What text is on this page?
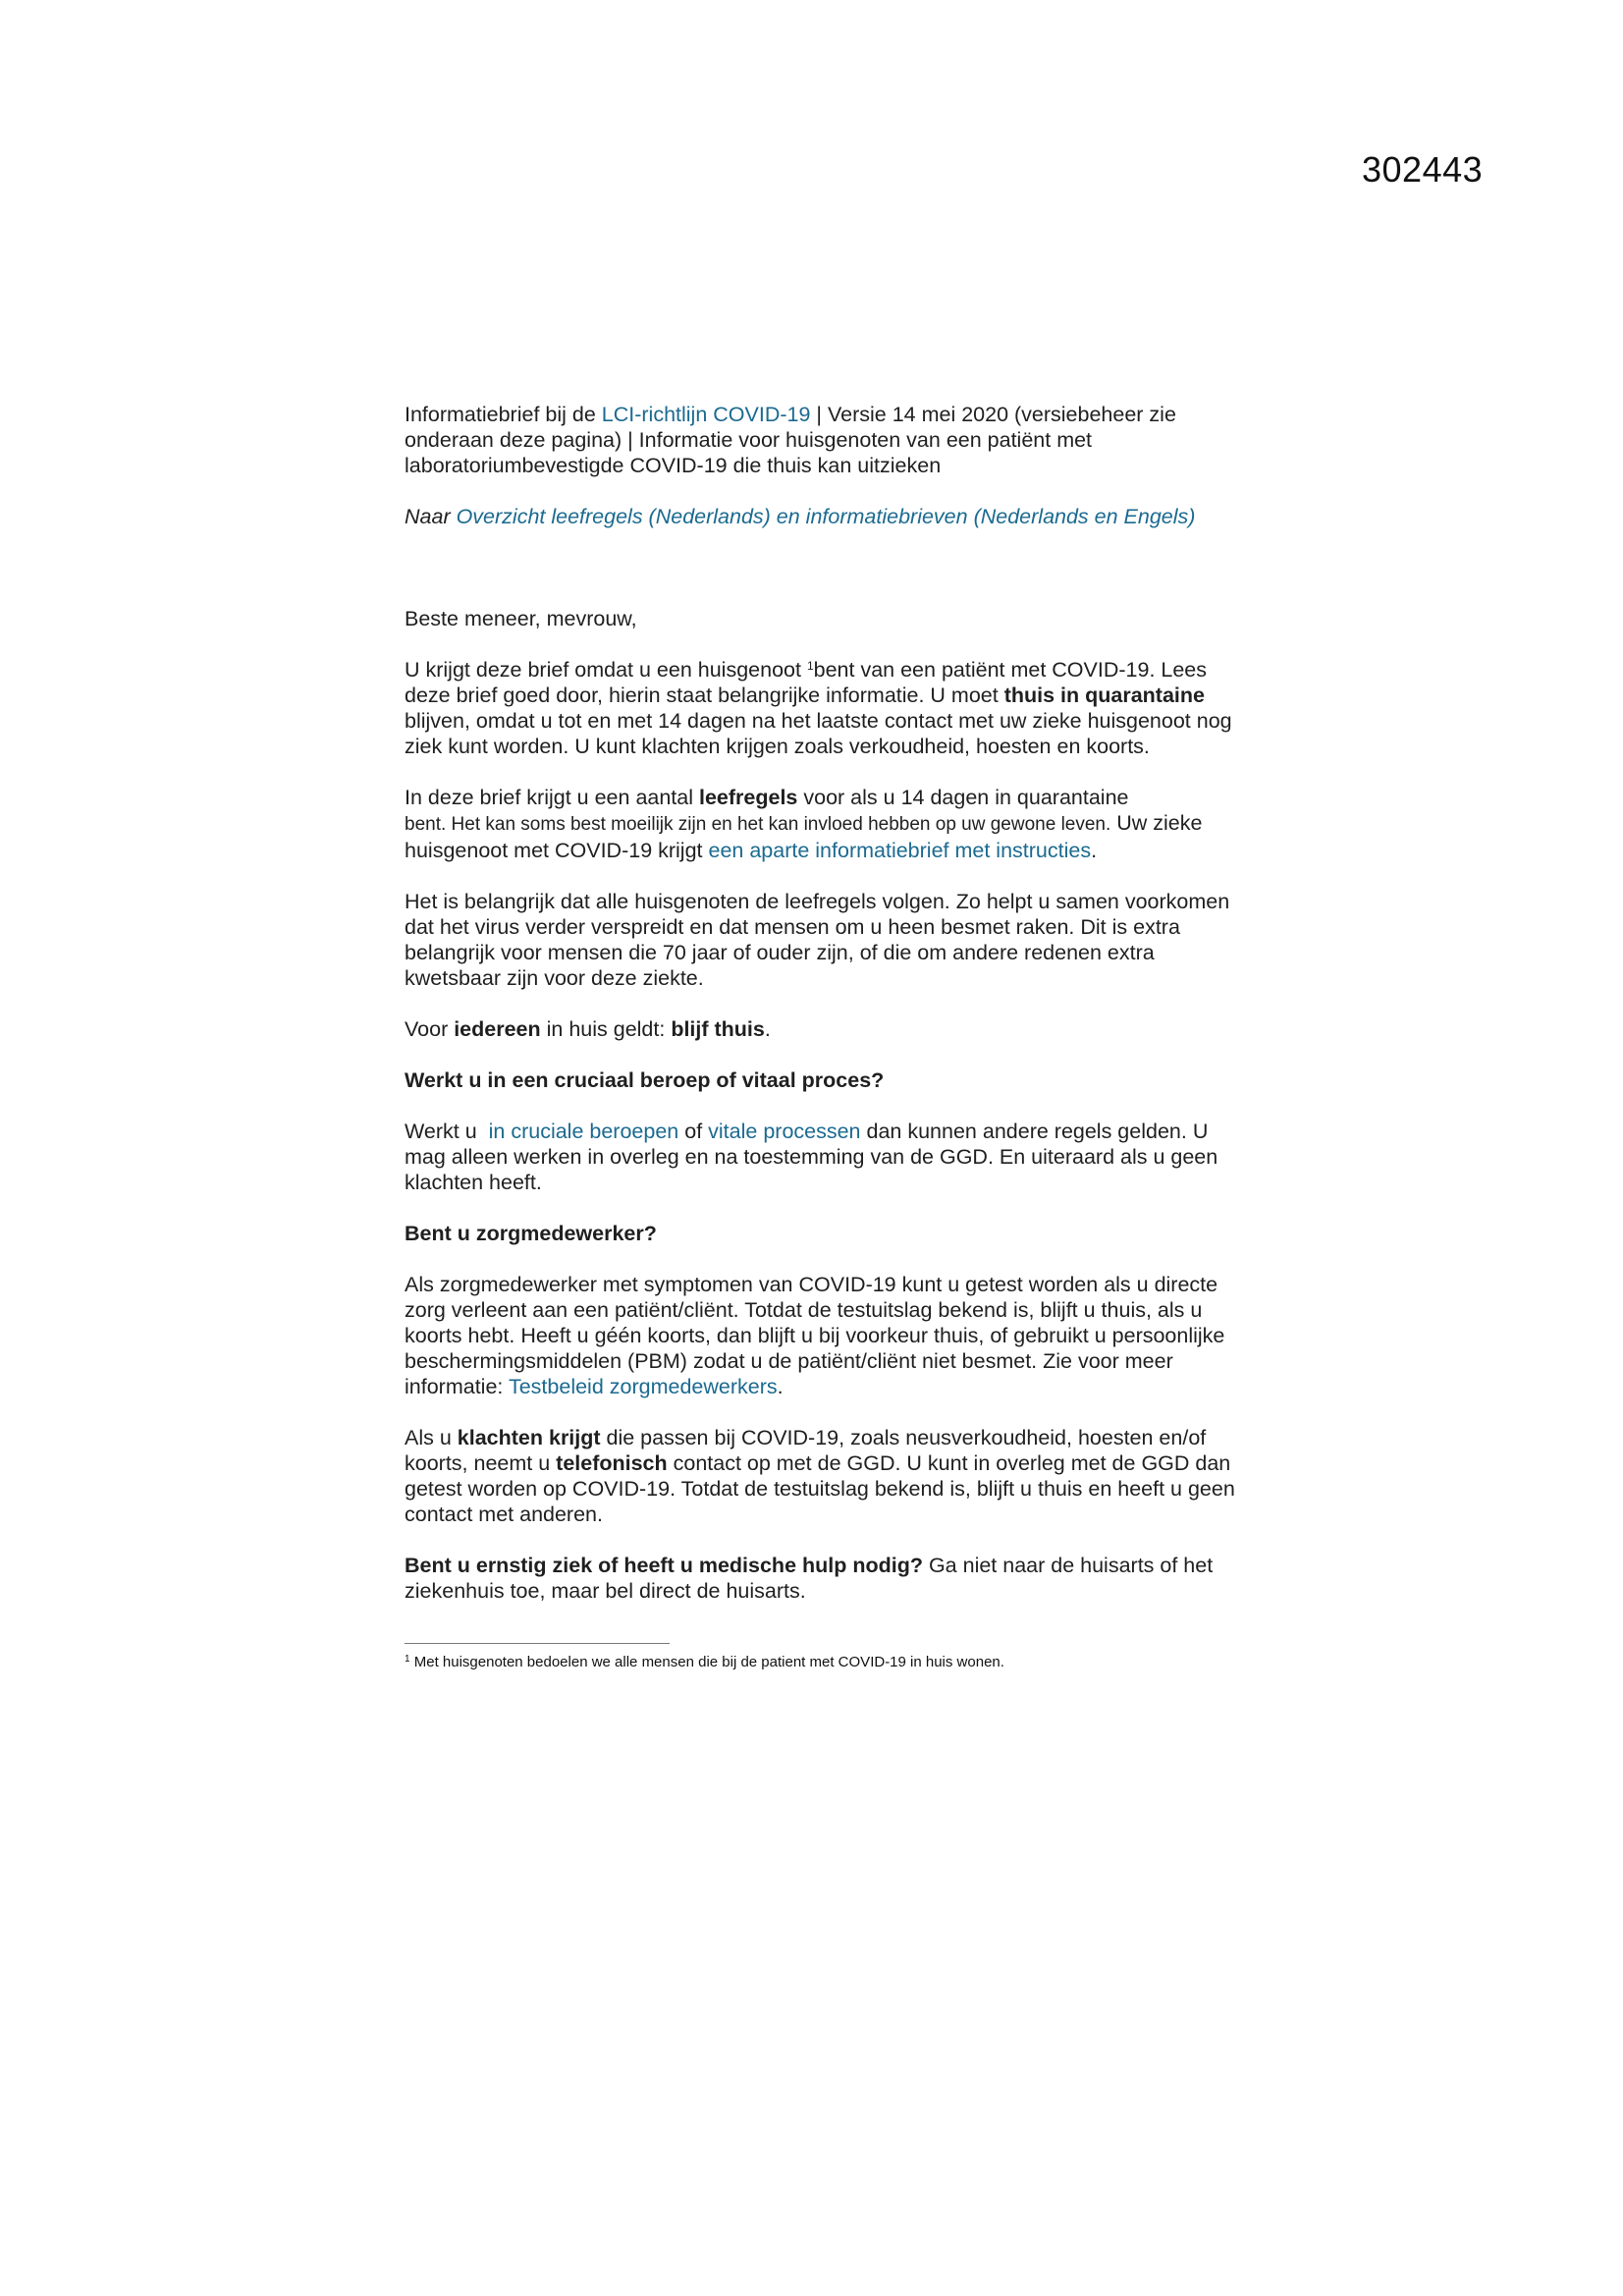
302443

Informatiebrief bij de LCI-richtlijn COVID-19 | Versie 14 mei 2020 (versiebeheer zie onderaan deze pagina) | Informatie voor huisgenoten van een patiënt met laboratoriumbevestigde COVID-19 die thuis kan uitzieken

Naar Overzicht leefregels (Nederlands) en informatiebrieven (Nederlands en Engels)

Beste meneer, mevrouw,

U krijgt deze brief omdat u een huisgenoot $^1$bent van een patiënt met COVID-19. Lees deze brief goed door, hierin staat belangrijke informatie. U moet thuis in quarantaine blijven, omdat u tot en met 14 dagen na het laatste contact met uw zieke huisgenoot nog ziek kunt worden. U kunt klachten krijgen zoals verkoudheid, hoesten en koorts.

In deze brief krijgt u een aantal leefregels voor als u 14 dagen in quarantaine
bent. Het kan soms best moeilijk zijn en het kan invloed hebben op uw gewone leven. Uw zieke huisgenoot met COVID-19 krijgt een aparte informatiebrief met instructies.

Het is belangrijk dat alle huisgenoten de leefregels volgen. Zo helpt u samen voorkomen dat het virus verder verspreidt en dat mensen om u heen besmet raken. Dit is extra belangrijk voor mensen die 70 jaar of ouder zijn, of die om andere redenen extra kwetsbaar zijn voor deze ziekte.

Voor iedereen in huis geldt: blijf thuis.

Werkt u in een cruciaal beroep of vitaal proces?

Werkt u  in cruciale beroepen of vitale processen dan kunnen andere regels gelden. U mag alleen werken in overleg en na toestemming van de GGD. En uiteraard als u geen klachten heeft.

Bent u zorgmedewerker?

Als zorgmedewerker met symptomen van COVID-19 kunt u getest worden als u directe zorg verleent aan een patiënt/cliënt. Totdat de testuitslag bekend is, blijft u thuis, als u koorts hebt. Heeft u géén koorts, dan blijft u bij voorkeur thuis, of gebruikt u persoonlijke beschermingsmiddelen (PBM) zodat u de patiënt/cliënt niet besmet. Zie voor meer informatie: Testbeleid zorgmedewerkers.

Als u klachten krijgt die passen bij COVID-19, zoals neusverkoudheid, hoesten en/of koorts, neemt u telefonisch contact op met de GGD. U kunt in overleg met de GGD dan getest worden op COVID-19. Totdat de testuitslag bekend is, blijft u thuis en heeft u geen contact met anderen.

Bent u ernstig ziek of heeft u medische hulp nodig? Ga niet naar de huisarts of het ziekenhuis toe, maar bel direct de huisarts.

$^1$ Met huisgenoten bedoelen we alle mensen die bij de patient met COVID-19 in huis wonen.
